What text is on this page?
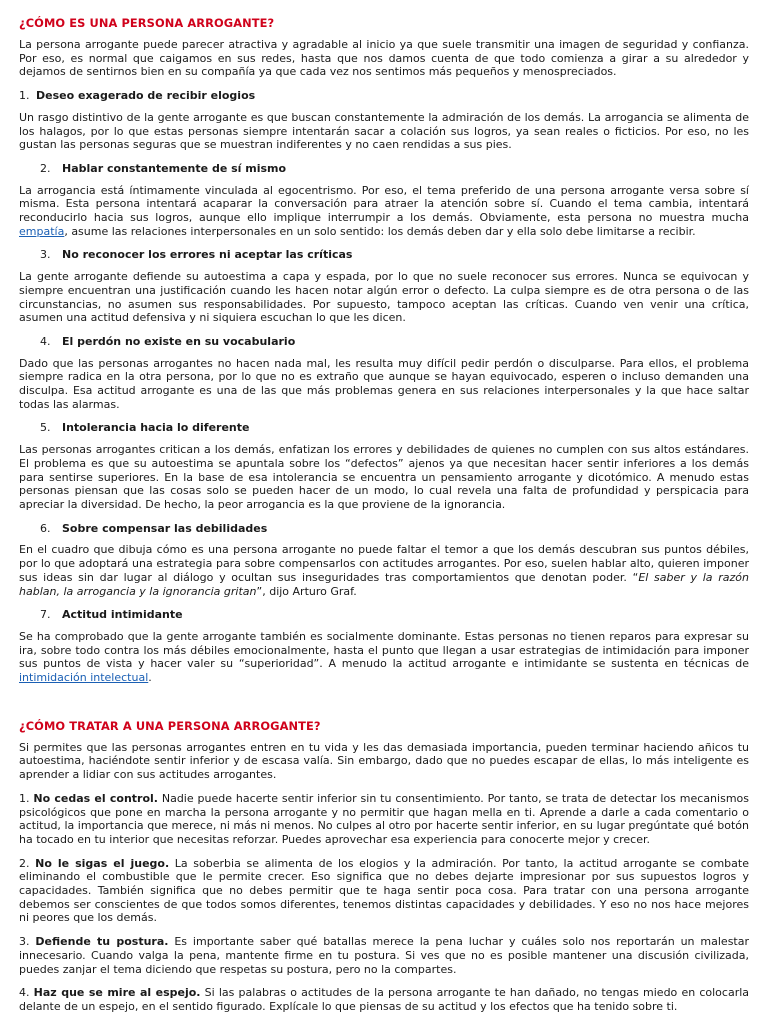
¿CÓMO ES UNA PERSONA ARROGANTE?

La persona arrogante puede parecer atractiva y agradable al inicio ya que suele transmitir una imagen de seguridad y confianza. Por eso, es normal que caigamos en sus redes, hasta que nos damos cuenta de que todo comienza a girar a su alrededor y dejamos de sentirnos bien en su compañía ya que cada vez nos sentimos más pequeños y menospreciados.

1. Deseo exagerado de recibir elogios

Un rasgo distintivo de la gente arrogante es que buscan constantemente la admiración de los demás. La arrogancia se alimenta de los halagos, por lo que estas personas siempre intentarán sacar a colación sus logros, ya sean reales o ficticios. Por eso, no les gustan las personas seguras que se muestran indiferentes y no caen rendidas a sus pies.

2.	Hablar constantemente de sí mismo

La arrogancia está íntimamente vinculada al egocentrismo. Por eso, el tema preferido de una persona arrogante versa sobre sí misma. Esta persona intentará acaparar la conversación para atraer la atención sobre sí. Cuando el tema cambia, intentará reconducirlo hacia sus logros, aunque ello implique interrumpir a los demás. Obviamente, esta persona no muestra mucha empatía, asume las relaciones interpersonales en un solo sentido: los demás deben dar y ella solo debe limitarse a recibir.

3.	No reconocer los errores ni aceptar las críticas

La gente arrogante defiende su autoestima a capa y espada, por lo que no suele reconocer sus errores. Nunca se equivocan y siempre encuentran una justificación cuando les hacen notar algún error o defecto. La culpa siempre es de otra persona o de las circunstancias, no asumen sus responsabilidades. Por supuesto, tampoco aceptan las críticas. Cuando ven venir una crítica, asumen una actitud defensiva y ni siquiera escuchan lo que les dicen.

4.	El perdón no existe en su vocabulario

Dado que las personas arrogantes no hacen nada mal, les resulta muy difícil pedir perdón o disculparse. Para ellos, el problema siempre radica en la otra persona, por lo que no es extraño que aunque se hayan equivocado, esperen o incluso demanden una disculpa. Esa actitud arrogante es una de las que más problemas genera en sus relaciones interpersonales y la que hace saltar todas las alarmas.

5.	Intolerancia hacia lo diferente

Las personas arrogantes critican a los demás, enfatizan los errores y debilidades de quienes no cumplen con sus altos estándares. El problema es que su autoestima se apuntala sobre los “defectos” ajenos ya que necesitan hacer sentir inferiores a los demás para sentirse superiores. En la base de esa intolerancia se encuentra un pensamiento arrogante y dicotómico. A menudo estas personas piensan que las cosas solo se pueden hacer de un modo, lo cual revela una falta de profundidad y perspicacia para apreciar la diversidad. De hecho, la peor arrogancia es la que proviene de la ignorancia.

6.	Sobre compensar las debilidades

En el cuadro que dibuja cómo es una persona arrogante no puede faltar el temor a que los demás descubran sus puntos débiles, por lo que adoptará una estrategia para sobre compensarlos con actitudes arrogantes. Por eso, suelen hablar alto, quieren imponer sus ideas sin dar lugar al diálogo y ocultan sus inseguridades tras comportamientos que denotan poder. “El saber y la razón hablan, la arrogancia y la ignorancia gritan”, dijo Arturo Graf.

7.	Actitud intimidante

Se ha comprobado que la gente arrogante también es socialmente dominante. Estas personas no tienen reparos para expresar su ira, sobre todo contra los más débiles emocionalmente, hasta el punto que llegan a usar estrategias de intimidación para imponer sus puntos de vista y hacer valer su “superioridad”. A menudo la actitud arrogante e intimidante se sustenta en técnicas de intimidación intelectual.

¿CÓMO TRATAR A UNA PERSONA ARROGANTE?

Si permites que las personas arrogantes entren en tu vida y les das demasiada importancia, pueden terminar haciendo añicos tu autoestima, haciéndote sentir inferior y de escasa valía. Sin embargo, dado que no puedes escapar de ellas, lo más inteligente es aprender a lidiar con sus actitudes arrogantes.

1. No cedas el control. Nadie puede hacerte sentir inferior sin tu consentimiento. Por tanto, se trata de detectar los mecanismos psicológicos que pone en marcha la persona arrogante y no permitir que hagan mella en ti. Aprende a darle a cada comentario o actitud, la importancia que merece, ni más ni menos. No culpes al otro por hacerte sentir inferior, en su lugar pregúntate qué botón ha tocado en tu interior que necesitas reforzar. Puedes aprovechar esa experiencia para conocerte mejor y crecer.

2. No le sigas el juego. La soberbia se alimenta de los elogios y la admiración. Por tanto, la actitud arrogante se combate eliminando el combustible que le permite crecer. Eso significa que no debes dejarte impresionar por sus supuestos logros y capacidades. También significa que no debes permitir que te haga sentir poca cosa. Para tratar con una persona arrogante debemos ser conscientes de que todos somos diferentes, tenemos distintas capacidades y debilidades. Y eso no nos hace mejores ni peores que los demás.

3. Defiende tu postura. Es importante saber qué batallas merece la pena luchar y cuáles solo nos reportarán un malestar innecesario. Cuando valga la pena, mantente firme en tu postura. Si ves que no es posible mantener una discusión civilizada, puedes zanjar el tema diciendo que respetas su postura, pero no la compartes.

4. Haz que se mire al espejo. Si las palabras o actitudes de la persona arrogante te han dañado, no tengas miedo en colocarla delante de un espejo, en el sentido figurado. Explícale lo que piensas de su actitud y los efectos que ha tenido sobre ti.
